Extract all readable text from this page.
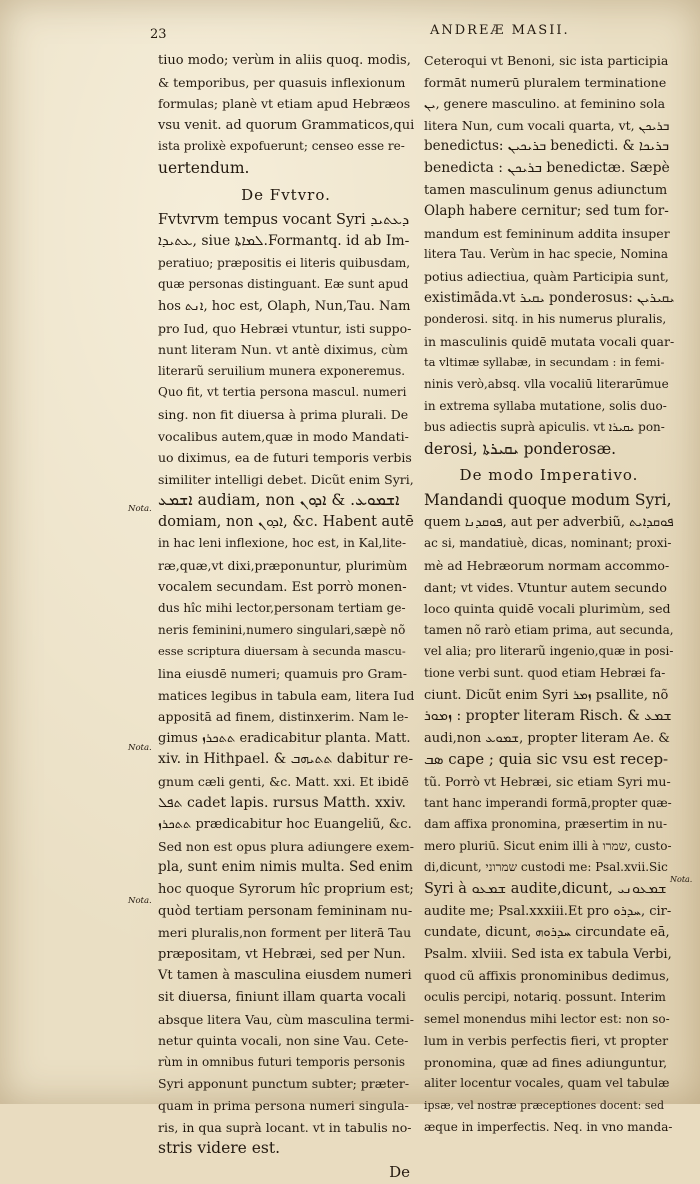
23	ANDREÆ MASII.
Nota.
Nota.
Nota.
Nota.
tiuo modo; verùm in aliis quoq. modis,
& temporibus, per quasuis inflexionum
formulas; planè vt etiam apud Hebræos
vsu venit. ad quorum Grammaticos,qui
ista prolixè expofuerunt; censeo esse re-
uertendum.
De Fvtvro.
Fvtvrvm tempus vocant Syri ܕܥܬܝܕ
ܥܬܝܕܐ, siue ܠܡܐܬܐ.Formantq. id ab Im-
peratiuo; præpositis ei literis quibusdam,
quæ personas distinguant. Eæ sunt apud
hos ܐܢܬ, hoc est, Olaph, Nun,Tau. Nam
pro Iud, quo Hebræi vtuntur, isti suppo-
nunt literam Nun. vt antè diximus, cùm
literarũ seruilium munera exponeremus.
Quo fit, vt tertia persona mascul. numeri
sing. non fit diuersa à prima plurali. De
vocalibus autem,quæ in modo Mandati-
uo diximus, ea de futuri temporis verbis
similiter intelligi debet. Dicũt enim Syri,
ܐܫܡܥ audiam, non ܐܫܡܘܥ. & ܐܕܘܢ
domiam, non ܐܕܘܢ, &c. Habent autē
in hac leni inflexione, hoc est, in Kal,lite-
ræ,quæ,vt dixi,præponuntur, plurimùm
vocalem secundam. Est porrò monen-
dus hîc mihi lector,personam tertiam ge-
neris feminini,numero singulari,sæpè nõ
esse scriptura diuersam à secunda mascu-
lina eiusdē numeri; quamuis pro Gram-
matices legibus in tabula eam, litera Iud
appositā ad finem, distinxerim. Nam le-
gimus ܬܬܟܪܙ eradicabitur planta. Matt.
xiv. in Hithpael. & ܬܬܝܗܒ dabitur re-
gnum cæli genti, &c. Matt. xxi. Et ibidē
ܬܦܠ cadet lapis. rursus Matth. xxiv.
ܬܬܟܪܙ prædicabitur hoc Euangeliũ, &c.
Sed non est opus plura adiungere exem-
pla, sunt enim nimis multa. Sed enim
hoc quoque Syrorum hîc proprium est;
quòd tertiam personam femininam nu-
meri pluralis,non forment per literā Tau
præpositam, vt Hebræi, sed per Nun.
Vt tamen à masculina eiusdem numeri
sit diuersa, finiunt illam quarta vocali
absque litera Vau, cùm masculina termi-
netur quinta vocali, non sine Vau. Cete-
rùm in omnibus futuri temporis personis
Syri apponunt punctum subter; præter-
quam in prima persona numeri singula-
ris, in qua suprà locant. vt in tabulis no-
stris videre est.
De
Ceteroqui vt Benoni, sic ista participia
formāt numerū pluralem terminatione
ܝܢ, genere masculino. at feminino sola
litera Nun, cum vocali quarta, vt, ܒܪܝܟܢ
benedictus: ܒܪܝܟܝܢ benedicti. & ܒܪܝܟܐ
benedicta : ܒܪܝܟܢ benedictæ. Sæpè
tamen masculinum genus adiunctum
Olaph habere cernitur; sed tum for-
mandum est femininum addita insuper
litera Tau. Verùm in hac specie, Nomina
potius adiectiua, quàm Participia sunt,
existimāda.vt ܝܩܝܪ ponderosus: ܝܩܝܪܝܢ
ponderosi. sitq. in his numerus pluralis,
in masculinis quidē mutata vocali quar-
ta vltimæ syllabæ, in secundam : in femi-
ninis verò,absq. vlla vocaliū literarūmue
in extrema syllaba mutatione, solis duo-
bus adiectis suprà apiculis. vt ܝܩܝܪܐ pon-
derosi, ܝܩܝܪܬܐ ponderosæ.
De modo Imperativo.
Mandandi quoque modum Syri,
quem ܦܘܩܕܢܐ, aut per adverbiũ, ܦܘܩܕܐܝܬ
ac si, mandatiuè, dicas, nominant; proxi-
mè ad Hebræorum normam accommo-
dant; vt vides. Vtuntur autem secundo
loco quinta quidē vocali plurimùm, sed
tamen nõ rarò etiam prima, aut secunda,
vel alia; pro literarũ ingenio,quæ in posi-
tione verbi sunt. quod etiam Hebræi fa-
ciunt. Dicũt enim Syri ܙܡܪ psallite, nõ
ܙܡܘܪ : propter literam Risch. & ܫܡܥ
audi,non ܫܡܘܥ, propter literam Ae. &
ܣܒ cape ; quia sic vsu est recep-
tũ. Porrò vt Hebræi, sic etiam Syri mu-
tant hanc imperandi formā,propter quæ-
dam affixa pronomina, præsertim in nu-
mero pluriū. Sicut enim illi à שמרו, custo-
di,dicunt, שמרוני custodi me: Psal.xvii.Sic
Syri à ܫܡܥܘ audite,dicunt, ܫܡܥܘܢܝ
audite me; Psal.xxxiii.Et pro ܚܕܪܘ, cir-
cundate, dicunt, ܚܕܪܘܗ circundate eā,
Psalm. xlviii. Sed ista ex tabula Verbi,
quod cũ affixis pronominibus dedimus,
oculis percipi, notariq. possunt. Interim
semel monendus mihi lector est: non so-
lum in verbis perfectis fieri, vt propter
pronomina, quæ ad fines adiunguntur,
aliter locentur vocales, quam vel tabulæ
ipsæ, vel nostræ præceptiones docent: sed
æque in imperfectis. Neq. in vno manda-
